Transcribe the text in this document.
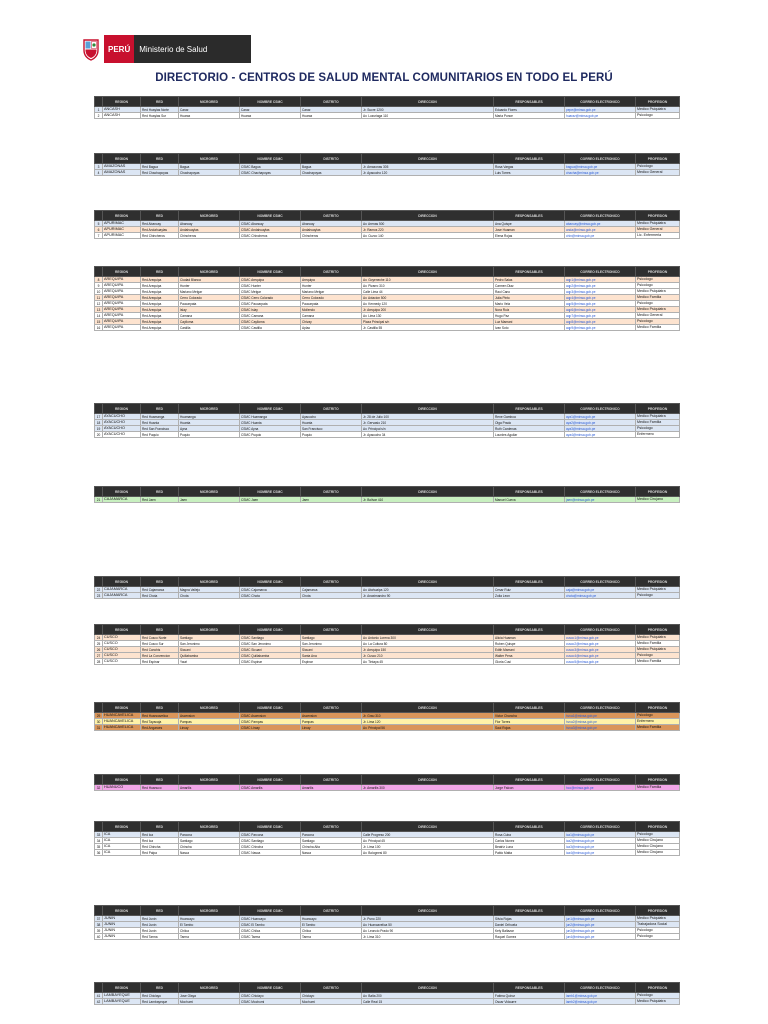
PERÚ	Ministerio de Salud
DIRECTORIO - CENTROS DE SALUD MENTAL COMUNITARIOS EN TODO EL PERÚ
	REGION	RED	MICRORED	NOMBRE CSMC	DISTRITO	DIRECCION	RESPONSABLES	CORREO ELECTRONICO	PROFESION
1	ANCASH	Red Huaylas Norte	Caraz	Caraz	Caraz	Jr. Sucre 1200	Eduardo Flores	pepe@minsa.gob.pe	Medico Psiquiatra
2	ANCASH	Red Huaylas Sur	Huaraz	Huaraz	Huaraz	Av. Luzuriaga 110	Maria Ponce	huaraz@minsa.gob.pe	Psicologo
	REGION	RED	MICRORED	NOMBRE CSMC	DISTRITO	DIRECCION	RESPONSABLES	CORREO ELECTRONICO	PROFESION
3	AMAZONAS	Red Bagua	Bagua	CSMC Bagua	Bagua	Jr. Amazonas 305	Rosa Vargas	bagua@minsa.gob.pe	Psicologo
4	AMAZONAS	Red Chachapoyas	Chachapoyas	CSMC Chachapoyas	Chachapoyas	Jr. Ayacucho 120	Luis Torres	chacha@minsa.gob.pe	Medico General
	REGION	RED	MICRORED	NOMBRE CSMC	DISTRITO	DIRECCION	RESPONSABLES	CORREO ELECTRONICO	PROFESION
5	APURIMAC	Red Abancay	Abancay	CSMC Abancay	Abancay	Av. Arenas 500	Ana Quispe	abancay@minsa.gob.pe	Medico Psiquiatra
6	APURIMAC	Red Andahuaylas	Andahuaylas	CSMC Andahuaylas	Andahuaylas	Jr. Ramos 220	Jose Huaman	anda@minsa.gob.pe	Medico General
7	APURIMAC	Red Chincheros	Chincheros	CSMC Chincheros	Chincheros	Av. Cuzco 140	Elena Rojas	chin@minsa.gob.pe	Lic. Enfermeria
	REGION	RED	MICRORED	NOMBRE CSMC	DISTRITO	DIRECCION	RESPONSABLES	CORREO ELECTRONICO	PROFESION
8	AREQUIPA	Red Arequipa	Ciudad Blanca	CSMC Arequipa	Arequipa	Av. Goyeneche 110	Pedro Salas	aqp1@minsa.gob.pe	Psicologo
9	AREQUIPA	Red Arequipa	Hunter	CSMC Hunter	Hunter	Av. Pizarro 310	Carmen Diaz	aqp2@minsa.gob.pe	Psicologo
10	AREQUIPA	Red Arequipa	Mariano Melgar	CSMC Melgar	Mariano Melgar	Calle Lima 44	Raul Cano	aqp3@minsa.gob.pe	Medico Psiquiatra
11	AREQUIPA	Red Arequipa	Cerro Colorado	CSMC Cerro Colorado	Cerro Colorado	Av. Aviacion 500	Julia Pinto	aqp4@minsa.gob.pe	Medico Familia
12	AREQUIPA	Red Arequipa	Paucarpata	CSMC Paucarpata	Paucarpata	Av. Kennedy 120	Mario Vela	aqp5@minsa.gob.pe	Psicologo
13	AREQUIPA	Red Arequipa	Islay	CSMC Islay	Mollendo	Jr. Arequipa 200	Nora Ruiz	aqp6@minsa.gob.pe	Medico Psiquiatra
14	AREQUIPA	Red Arequipa	Camana	CSMC Camana	Camana	Av. Lima 130	Hugo Paz	aqp7@minsa.gob.pe	Medico General
15	AREQUIPA	Red Arequipa	Caylloma	CSMC Caylloma	Chivay	Plaza Principal s/n	Luz Mamani	aqp8@minsa.gob.pe	Psicologo
16	AREQUIPA	Red Arequipa	Castilla	CSMC Castilla	Aplao	Jr. Castilla 55	Ivan Soto	aqp9@minsa.gob.pe	Medico Familia
	REGION	RED	MICRORED	NOMBRE CSMC	DISTRITO	DIRECCION	RESPONSABLES	CORREO ELECTRONICO	PROFESION
17	AYACUCHO	Red Huamanga	Huamanga	CSMC Huamanga	Ayacucho	Jr. 28 de Julio 100	Rene Gamboa	aya1@minsa.gob.pe	Medico Psiquiatra
18	AYACUCHO	Red Huanta	Huanta	CSMC Huanta	Huanta	Jr. Gervasio 210	Olga Prado	aya2@minsa.gob.pe	Medico Familia
19	AYACUCHO	Red San Francisco	Ayna	CSMC Ayna	San Francisco	Av. Principal s/n	Ruth Cardenas	aya3@minsa.gob.pe	Psicologo
20	AYACUCHO	Red Puquio	Puquio	CSMC Puquio	Puquio	Jr. Ayacucho 34	Lourdes Aguilar	aya4@minsa.gob.pe	Enfermero
	REGION	RED	MICRORED	NOMBRE CSMC	DISTRITO	DIRECCION	RESPONSABLES	CORREO ELECTRONICO	PROFESION
21	CAJAMARCA	Red Jaen	Jaen	CSMC Jaen	Jaen	Jr. Bolivar 410	Manuel Cueva	jaen@minsa.gob.pe	Medico Cirujano
	REGION	RED	MICRORED	NOMBRE CSMC	DISTRITO	DIRECCION	RESPONSABLES	CORREO ELECTRONICO	PROFESION
22	CAJAMARCA	Red Cajamarca	Magna Vallejo	CSMC Cajamarca	Cajamarca	Av. Atahualpa 120	Cesar Ruiz	caja@minsa.gob.pe	Medico Psiquiatra
23	CAJAMARCA	Red Chota	Chota	CSMC Chota	Chota	Jr. Anaximandro 90	Zoila Leon	chota@minsa.gob.pe	Psicologo
	REGION	RED	MICRORED	NOMBRE CSMC	DISTRITO	DIRECCION	RESPONSABLES	CORREO ELECTRONICO	PROFESION
24	CUSCO	Red Cusco Norte	Santiago	CSMC Santiago	Santiago	Av. Antonio Lorena 300	Alicia Huaman	cusco1@minsa.gob.pe	Medico Psiquiatra
25	CUSCO	Red Cusco Sur	San Jeronimo	CSMC San Jeronimo	San Jeronimo	Av. La Cultura 80	Ruben Quispe	cusco2@minsa.gob.pe	Medico Familia
26	CUSCO	Red Canchis	Sicuani	CSMC Sicuani	Sicuani	Jr. Arequipa 150	Edith Mamani	cusco3@minsa.gob.pe	Medico Psiquiatra
27	CUSCO	Red La Convencion	Quillabamba	CSMC Quillabamba	Santa Ana	Jr. Cusco 210	Walter Pena	cusco4@minsa.gob.pe	Psicologo
28	CUSCO	Red Espinar	Yauri	CSMC Espinar	Espinar	Av. Tintaya 45	Gloria Cusi	cusco5@minsa.gob.pe	Medico Familia
	REGION	RED	MICRORED	NOMBRE CSMC	DISTRITO	DIRECCION	RESPONSABLES	CORREO ELECTRONICO	PROFESION
29	HUANCAVELICA	Red Huancavelica	Ascension	CSMC Ascension	Ascension	Jr. Grau 310	Victor Chancha	hvca1@minsa.gob.pe	Psicologo
30	HUANCAVELICA	Red Tayacaja	Pampas	CSMC Pampas	Pampas	Jr. Lima 120	Flor Torres	hvca2@minsa.gob.pe	Enfermero
31	HUANCAVELICA	Red Angaraes	Lircay	CSMC Lircay	Lircay	Av. Principal 56	Saul Rojas	hvca3@minsa.gob.pe	Medico Familia
	REGION	RED	MICRORED	NOMBRE CSMC	DISTRITO	DIRECCION	RESPONSABLES	CORREO ELECTRONICO	PROFESION
32	HUANUCO	Red Huanuco	Amarilis	CSMC Amarilis	Amarilis	Jr. Amarilis 300	Jorge Falcon	hco@minsa.gob.pe	Medico Familia
	REGION	RED	MICRORED	NOMBRE CSMC	DISTRITO	DIRECCION	RESPONSABLES	CORREO ELECTRONICO	PROFESION
33	ICA	Red Ica	Parcona	CSMC Parcona	Parcona	Calle Progreso 200	Rosa Cuba	ica1@minsa.gob.pe	Psicologo
34	ICA	Red Ica	Santiago	CSMC Santiago	Santiago	Av. Principal 45	Carlos Nunez	ica2@minsa.gob.pe	Medico Cirujano
35	ICA	Red Chincha	Chincha	CSMC Chincha	Chincha Alta	Jr. Lima 100	Beatriz Luna	ica3@minsa.gob.pe	Medico Cirujano
36	ICA	Red Palpa	Nasca	CSMC Nasca	Nasca	Av. Bolognesi 80	Pablo Matta	ica4@minsa.gob.pe	Medico Cirujano
	REGION	RED	MICRORED	NOMBRE CSMC	DISTRITO	DIRECCION	RESPONSABLES	CORREO ELECTRONICO	PROFESION
37	JUNIN	Red Junin	Huancayo	CSMC Huancayo	Huancayo	Jr. Puno 220	Silvia Rojas	jun1@minsa.gob.pe	Medico Psiquiatra
38	JUNIN	Red Junin	El Tambo	CSMC El Tambo	El Tambo	Av. Huancavelica 50	Daniel Orihuela	jun2@minsa.gob.pe	Trabajadora Social
39	JUNIN	Red Junin	Chilca	CSMC Chilca	Chilca	Av. Leoncio Prado 90	Kely Baltazar	jun3@minsa.gob.pe	Psicologo
40	JUNIN	Red Tarma	Tarma	CSMC Tarma	Tarma	Jr. Lima 310	Raquel Gomez	jun4@minsa.gob.pe	Psicologo
	REGION	RED	MICRORED	NOMBRE CSMC	DISTRITO	DIRECCION	RESPONSABLES	CORREO ELECTRONICO	PROFESION
41	LAMBAYEQUE	Red Chiclayo	Jose Olaya	CSMC Chiclayo	Chiclayo	Av. Balta 200	Fatima Quiroz	lamb1@minsa.gob.pe	Psicologo
42	LAMBAYEQUE	Red Lambayeque	Mochumi	CSMC Mochumi	Mochumi	Calle Real 15	Oscar Vidaurre	lamb2@minsa.gob.pe	Medico Psiquiatra
